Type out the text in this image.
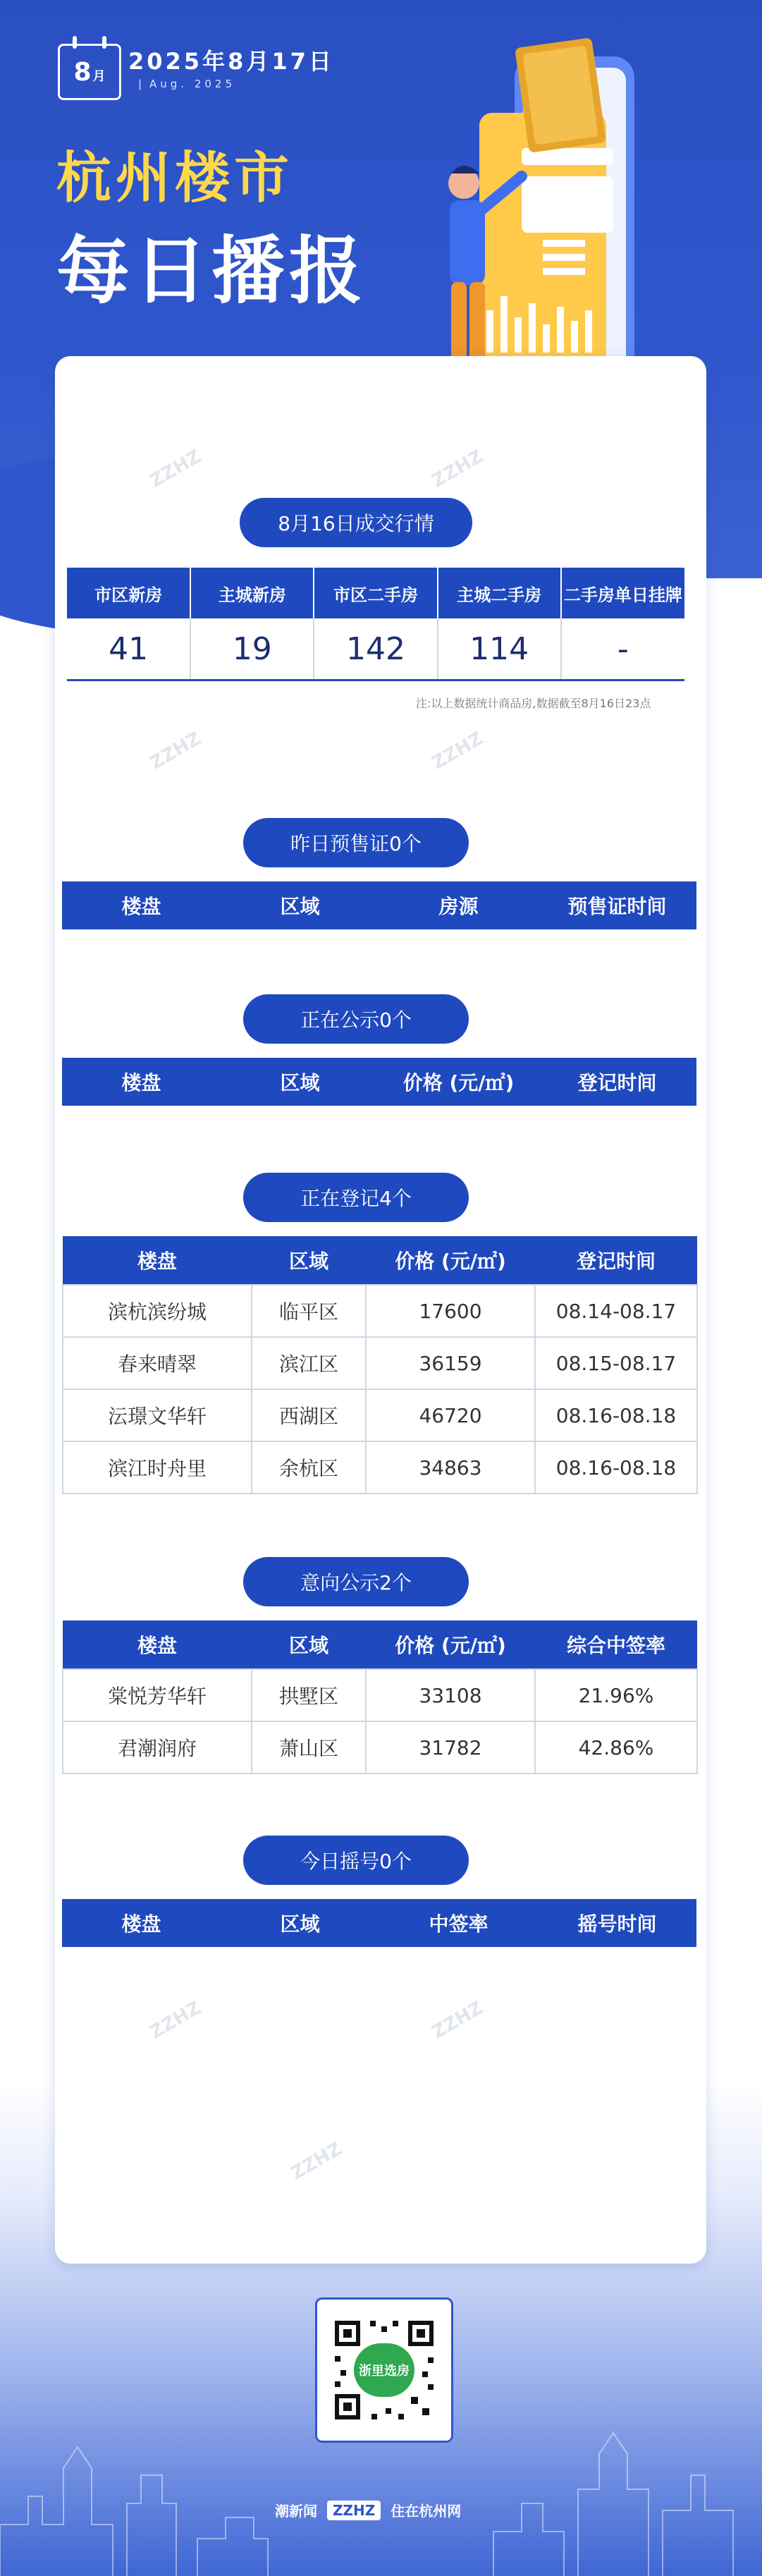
8 月
2025年8月17日
| Aug. 2025
杭州楼市
每日播报
ZZHZ	ZZHZ
ZZHZ	ZZHZ
ZZHZ	ZZHZ
ZZHZ
8月16日成交行情
市区新房	主城新房	市区二手房	主城二手房	二手房单日挂牌
41	19	142	114	-
注:以上数据统计商品房,数据截至8月16日23点
昨日预售证0个
楼盘	区域	房源	预售证时间
正在公示0个
楼盘	区域	价格 (元/㎡)	登记时间
正在登记4个
楼盘	区域	价格 (元/㎡)	登记时间
滨杭滨纷城	临平区	17600	08.14-08.17
春来晴翠	滨江区	36159	08.15-08.17
沄璟文华轩	西湖区	46720	08.16-08.18
滨江时舟里	余杭区	34863	08.16-08.18
意向公示2个
楼盘	区域	价格 (元/㎡)	综合中签率
棠悦芳华轩	拱墅区	33108	21.96%
君潮润府	萧山区	31782	42.86%
今日摇号0个
楼盘	区域	中签率	摇号时间
浙里选房
潮新闻	ZZHZ	住在杭州网
